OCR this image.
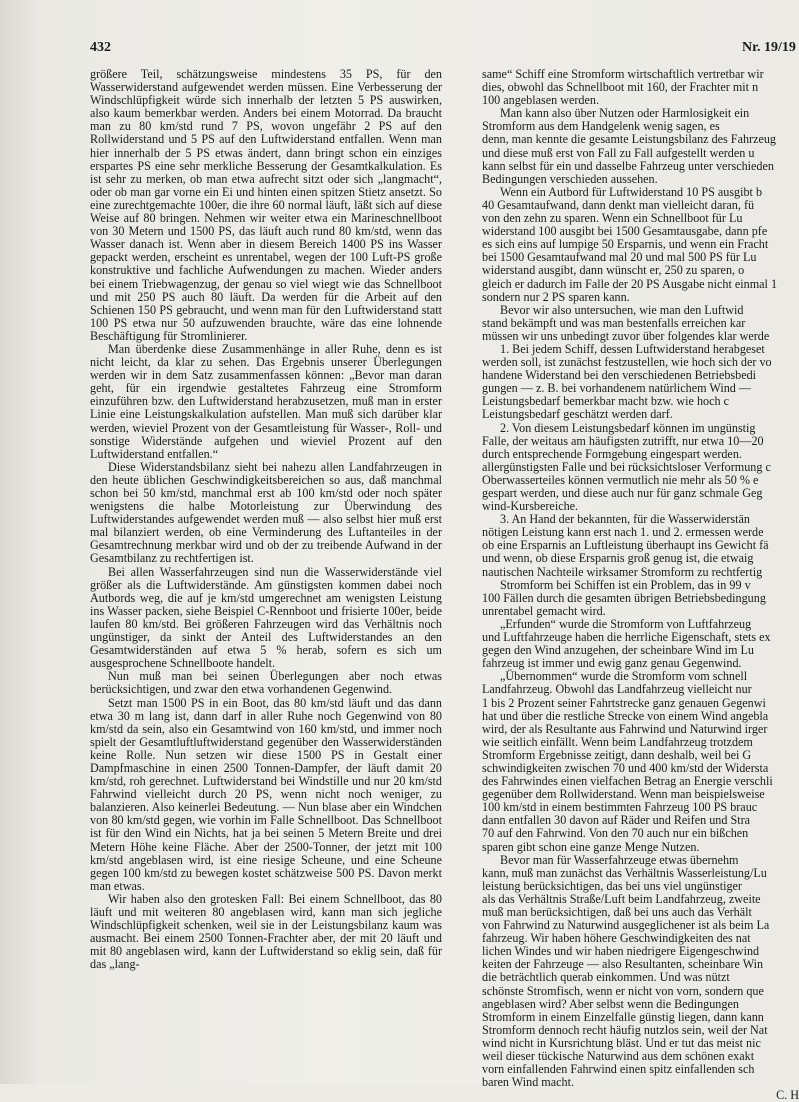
432	Nr. 19/19

größere Teil, schätzungsweise mindestens 35 PS, für den Wasserwiderstand aufgewendet werden müssen. Eine Verbesserung der Windschlüpfigkeit würde sich innerhalb der letzten 5 PS auswirken, also kaum bemerkbar werden. Anders bei einem Motorrad. Da braucht man zu 80 km/std rund 7 PS, wovon ungefähr 2 PS auf den Rollwiderstand und 5 PS auf den Luftwiderstand entfallen. Wenn man hier innerhalb der 5 PS etwas ändert, dann bringt schon ein einziges erspartes PS eine sehr merkliche Besserung der Gesamtkalkulation. Es ist sehr zu merken, ob man etwa aufrecht sitzt oder sich „langmacht“, oder ob man gar vorne ein Ei und hinten einen spitzen Stietz ansetzt. So eine zurechtgemachte 100er, die ihre 60 normal läuft, läßt sich auf diese Weise auf 80 bringen. Nehmen wir weiter etwa ein Marineschnellboot von 30 Metern und 1500 PS, das läuft auch rund 80 km/std, wenn das Wasser danach ist. Wenn aber in diesem Bereich 1400 PS ins Wasser gepackt werden, erscheint es unrentabel, wegen der 100 Luft-PS große konstruktive und fachliche Aufwendungen zu machen. Wieder anders bei einem Triebwagenzug, der genau so viel wiegt wie das Schnellboot und mit 250 PS auch 80 läuft. Da werden für die Arbeit auf den Schienen 150 PS gebraucht, und wenn man für den Luftwiderstand statt 100 PS etwa nur 50 aufzuwenden brauchte, wäre das eine lohnende Beschäftigung für Stromlinierer.

Man überdenke diese Zusammenhänge in aller Ruhe, denn es ist nicht leicht, da klar zu sehen. Das Ergebnis unserer Überlegungen werden wir in dem Satz zusammenfassen können: „Bevor man daran geht, für ein irgendwie gestaltetes Fahrzeug eine Stromform einzuführen bzw. den Luftwiderstand herabzusetzen, muß man in erster Linie eine Leistungskalkulation aufstellen. Man muß sich darüber klar werden, wieviel Prozent von der Gesamtleistung für Wasser-, Roll- und sonstige Widerstände aufgehen und wieviel Prozent auf den Luftwiderstand entfallen.“

Diese Widerstandsbilanz sieht bei nahezu allen Landfahrzeugen in den heute üblichen Geschwindigkeitsbereichen so aus, daß manchmal schon bei 50 km/std, manchmal erst ab 100 km/std oder noch später wenigstens die halbe Motorleistung zur Überwindung des Luftwiderstandes aufgewendet werden muß — also selbst hier muß erst mal bilanziert werden, ob eine Verminderung des Luftanteiles in der Gesamtrechnung merkbar wird und ob der zu treibende Aufwand in der Gesamtbilanz zu rechtfertigen ist.

Bei allen Wasserfahrzeugen sind nun die Wasserwiderstände viel größer als die Luftwiderstände. Am günstigsten kommen dabei noch Autbords weg, die auf je km/std umgerechnet am wenigsten Leistung ins Wasser packen, siehe Beispiel C-Rennboot und frisierte 100er, beide laufen 80 km/std. Bei größeren Fahrzeugen wird das Verhältnis noch ungünstiger, da sinkt der Anteil des Luftwiderstandes an den Gesamtwiderständen auf etwa 5 % herab, sofern es sich um ausgesprochene Schnellboote handelt.

Nun muß man bei seinen Überlegungen aber noch etwas berücksichtigen, und zwar den etwa vorhandenen Gegenwind.

Setzt man 1500 PS in ein Boot, das 80 km/std läuft und das dann etwa 30 m lang ist, dann darf in aller Ruhe noch Gegenwind von 80 km/std da sein, also ein Gesamtwind von 160 km/std, und immer noch spielt der Gesamtluftluftwiderstand gegenüber den Wasserwiderständen keine Rolle. Nun setzen wir diese 1500 PS in Gestalt einer Dampfmaschine in einen 2500 Tonnen-Dampfer, der läuft damit 20 km/std, roh gerechnet. Luftwiderstand bei Windstille und nur 20 km/std Fahrwind vielleicht durch 20 PS, wenn nicht noch weniger, zu balanzieren. Also keinerlei Bedeutung. — Nun blase aber ein Windchen von 80 km/std gegen, wie vorhin im Falle Schnellboot. Das Schnellboot ist für den Wind ein Nichts, hat ja bei seinen 5 Metern Breite und drei Metern Höhe keine Fläche. Aber der 2500-Tonner, der jetzt mit 100 km/std angeblasen wird, ist eine riesige Scheune, und eine Scheune gegen 100 km/std zu bewegen kostet schätzweise 500 PS. Davon merkt man etwas.

Wir haben also den grotesken Fall: Bei einem Schnellboot, das 80 läuft und mit weiteren 80 angeblasen wird, kann man sich jegliche Windschlüpfigkeit schenken, weil sie in der Leistungsbilanz kaum was ausmacht. Bei einem 2500 Tonnen-Frachter aber, der mit 20 läuft und mit 80 angeblasen wird, kann der Luftwiderstand so eklig sein, daß für das „lang-

same“ Schiff eine Stromform wirtschaftlich vertretbar wir
dies, obwohl das Schnellboot mit 160, der Frachter mit n
100 angeblasen werden.
Man kann also über Nutzen oder Harmlosigkeit ein
Stromform aus dem Handgelenk wenig sagen, es
denn, man kennte die gesamte Leistungsbilanz des Fahrzeug
und diese muß erst von Fall zu Fall aufgestellt werden u
kann selbst für ein und dasselbe Fahrzeug unter verschieden
Bedingungen verschieden aussehen.
Wenn ein Autbord für Luftwiderstand 10 PS ausgibt b
40 Gesamtaufwand, dann denkt man vielleicht daran, fü
von den zehn zu sparen. Wenn ein Schnellboot für Lu
widerstand 100 ausgibt bei 1500 Gesamtausgabe, dann pfe
es sich eins auf lumpige 50 Ersparnis, und wenn ein Fracht
bei 1500 Gesamtaufwand mal 20 und mal 500 PS für Lu
widerstand ausgibt, dann wünscht er, 250 zu sparen, o
gleich er dadurch im Falle der 20 PS Ausgabe nicht einmal 1
sondern nur 2 PS sparen kann.
Bevor wir also untersuchen, wie man den Luftwid
stand bekämpft und was man bestenfalls erreichen kar
müssen wir uns unbedingt zuvor über folgendes klar werde
1. Bei jedem Schiff, dessen Luftwiderstand herabgeset
werden soll, ist zunächst festzustellen, wie hoch sich der vo
handene Widerstand bei den verschiedenen Betriebsbedi
gungen — z. B. bei vorhandenem natürlichem Wind —
Leistungsbedarf bemerkbar macht bzw. wie hoch c
Leistungsbedarf geschätzt werden darf.
2. Von diesem Leistungsbedarf können im ungünstig
Falle, der weitaus am häufigsten zutrifft, nur etwa 10—20
durch entsprechende Formgebung eingespart werden.
allergünstigsten Falle und bei rücksichtsloser Verformung c
Oberwasserteiles können vermutlich nie mehr als 50 % e
gespart werden, und diese auch nur für ganz schmale Geg
wind-Kursbereiche.
3. An Hand der bekannten, für die Wasserwiderstän
nötigen Leistung kann erst nach 1. und 2. ermessen werde
ob eine Ersparnis an Luftleistung überhaupt ins Gewicht fä
und wenn, ob diese Ersparnis groß genug ist, die etwaig
nautischen Nachteile wirksamer Stromform zu rechtfertig
Stromform bei Schiffen ist ein Problem, das in 99 v
100 Fällen durch die gesamten übrigen Betriebsbedingung
unrentabel gemacht wird.
„Erfunden“ wurde die Stromform von Luftfahrzeug
und Luftfahrzeuge haben die herrliche Eigenschaft, stets ex
gegen den Wind anzugehen, der scheinbare Wind im Lu
fahrzeug ist immer und ewig ganz genau Gegenwind.
„Übernommen“ wurde die Stromform vom schnell
Landfahrzeug. Obwohl das Landfahrzeug vielleicht nur
1 bis 2 Prozent seiner Fahrtstrecke ganz genauen Gegenwi
hat und über die restliche Strecke von einem Wind angebla
wird, der als Resultante aus Fahrwind und Naturwind irger
wie seitlich einfällt. Wenn beim Landfahrzeug trotzdem
Stromform Ergebnisse zeitigt, dann deshalb, weil bei G
schwindigkeiten zwischen 70 und 400 km/std der Widersta
des Fahrwindes einen vielfachen Betrag an Energie verschli
gegenüber dem Rollwiderstand. Wenn man beispielsweise
100 km/std in einem bestimmten Fahrzeug 100 PS brauc
dann entfallen 30 davon auf Räder und Reifen und Stra
70 auf den Fahrwind. Von den 70 auch nur ein bißchen
sparen gibt schon eine ganze Menge Nutzen.
Bevor man für Wasserfahrzeuge etwas übernehm
kann, muß man zunächst das Verhältnis Wasserleistung/Lu
leistung berücksichtigen, das bei uns viel ungünstiger
als das Verhältnis Straße/Luft beim Landfahrzeug, zweite
muß man berücksichtigen, daß bei uns auch das Verhält
von Fahrwind zu Naturwind ausgeglichener ist als beim La
fahrzeug. Wir haben höhere Geschwindigkeiten des nat
lichen Windes und wir haben niedrigere Eigengeschwind
keiten der Fahrzeuge — also Resultanten, scheinbare Win
die beträchtlich querab einkommen. Und was nützt
schönste Stromfisch, wenn er nicht von vorn, sondern que
angeblasen wird? Aber selbst wenn die Bedingungen
Stromform in einem Einzelfalle günstig liegen, dann kann
Stromform dennoch recht häufig nutzlos sein, weil der Nat
wind nicht in Kursrichtung bläst. Und er tut das meist nic
weil dieser tückische Naturwind aus dem schönen exakt
vorn einfallenden Fahrwind einen spitz einfallenden sch
baren Wind macht.
C. H
